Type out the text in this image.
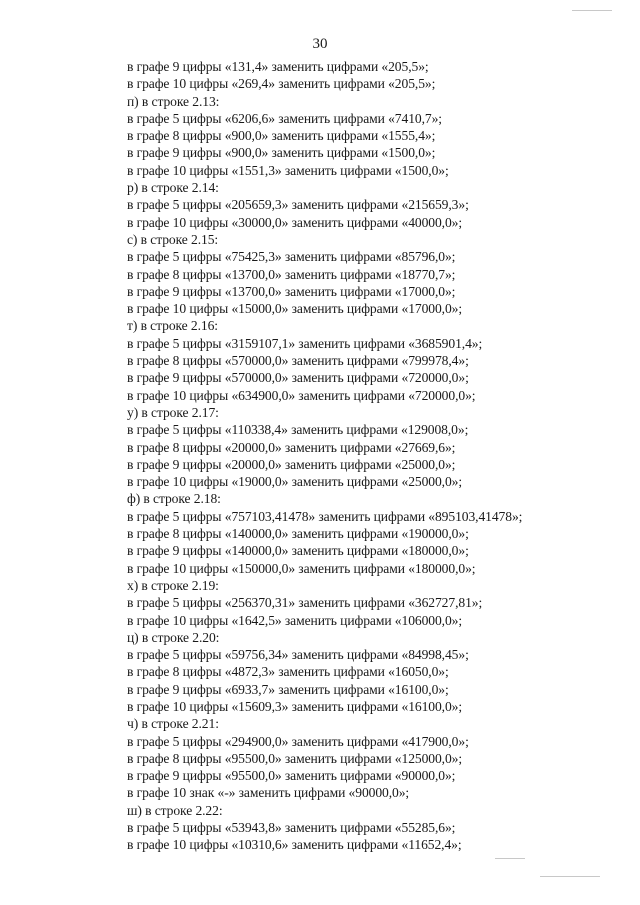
30
в графе 9 цифры «131,4» заменить цифрами «205,5»;
в графе 10 цифры «269,4» заменить цифрами «205,5»;
п) в строке 2.13:
в графе 5 цифры «6206,6» заменить цифрами «7410,7»;
в графе 8 цифры «900,0» заменить цифрами «1555,4»;
в графе 9 цифры «900,0» заменить цифрами «1500,0»;
в графе 10 цифры «1551,3» заменить цифрами «1500,0»;
р) в строке 2.14:
в графе 5 цифры «205659,3» заменить цифрами «215659,3»;
в графе 10 цифры «30000,0» заменить цифрами «40000,0»;
с) в строке 2.15:
в графе 5 цифры «75425,3» заменить цифрами «85796,0»;
в графе 8 цифры «13700,0» заменить цифрами «18770,7»;
в графе 9 цифры «13700,0» заменить цифрами «17000,0»;
в графе 10 цифры «15000,0» заменить цифрами «17000,0»;
т) в строке 2.16:
в графе 5 цифры «3159107,1» заменить цифрами «3685901,4»;
в графе 8 цифры «570000,0» заменить цифрами «799978,4»;
в графе 9 цифры «570000,0» заменить цифрами «720000,0»;
в графе 10 цифры «634900,0» заменить цифрами «720000,0»;
у) в строке 2.17:
в графе 5 цифры «110338,4» заменить цифрами «129008,0»;
в графе 8 цифры «20000,0» заменить цифрами «27669,6»;
в графе 9 цифры «20000,0» заменить цифрами «25000,0»;
в графе 10 цифры «19000,0» заменить цифрами «25000,0»;
ф) в строке 2.18:
в графе 5 цифры «757103,41478» заменить цифрами «895103,41478»;
в графе 8 цифры «140000,0» заменить цифрами «190000,0»;
в графе 9 цифры «140000,0» заменить цифрами «180000,0»;
в графе 10 цифры «150000,0» заменить цифрами «180000,0»;
х) в строке 2.19:
в графе 5 цифры «256370,31» заменить цифрами «362727,81»;
в графе 10 цифры «1642,5» заменить цифрами «106000,0»;
ц) в строке 2.20:
в графе 5 цифры «59756,34» заменить цифрами «84998,45»;
в графе 8 цифры «4872,3» заменить цифрами «16050,0»;
в графе 9 цифры «6933,7» заменить цифрами «16100,0»;
в графе 10 цифры «15609,3» заменить цифрами «16100,0»;
ч) в строке 2.21:
в графе 5 цифры «294900,0» заменить цифрами «417900,0»;
в графе 8 цифры «95500,0» заменить цифрами «125000,0»;
в графе 9 цифры «95500,0» заменить цифрами «90000,0»;
в графе 10 знак «-» заменить цифрами «90000,0»;
ш) в строке 2.22:
в графе 5 цифры «53943,8» заменить цифрами «55285,6»;
в графе 10 цифры «10310,6» заменить цифрами «11652,4»;
